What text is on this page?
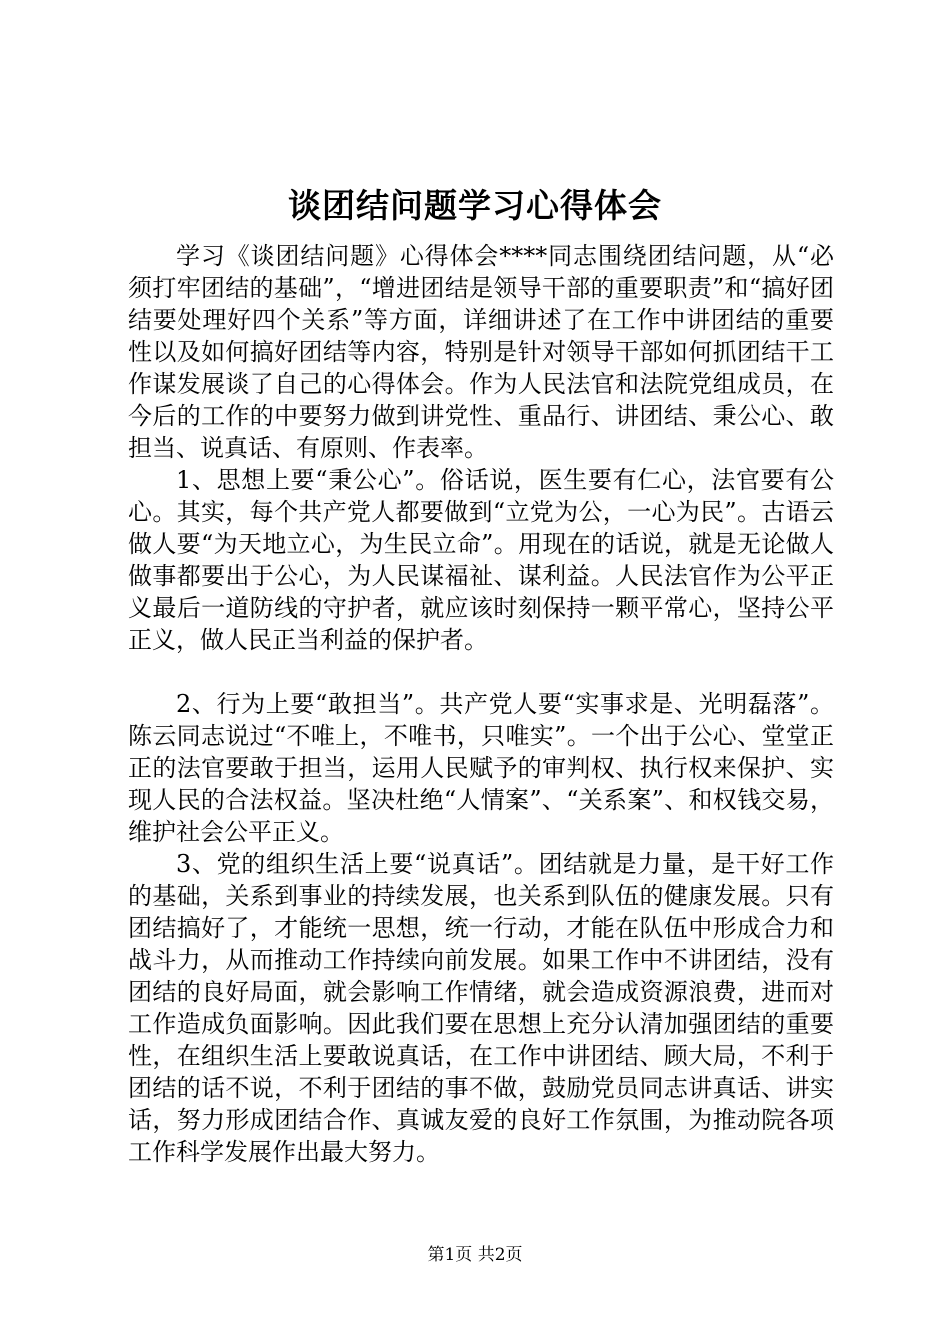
谈团结问题学习心得体会

学习《谈团结问题》心得体会****同志围绕团结问题，从“必须打牢团结的基础”，“增进团结是领导干部的重要职责”和“搞好团结要处理好四个关系”等方面，详细讲述了在工作中讲团结的重要性以及如何搞好团结等内容，特别是针对领导干部如何抓团结干工作谋发展谈了自己的心得体会。作为人民法官和法院党组成员，在今后的工作的中要努力做到讲党性、重品行、讲团结、秉公心、敢担当、说真话、有原则、作表率。

1、思想上要“秉公心”。俗话说，医生要有仁心，法官要有公心。其实，每个共产党人都要做到“立党为公，一心为民”。古语云做人要“为天地立心，为生民立命”。用现在的话说，就是无论做人做事都要出于公心，为人民谋福祉、谋利益。人民法官作为公平正义最后一道防线的守护者，就应该时刻保持一颗平常心，坚持公平正义，做人民正当利益的保护者。

2、行为上要“敢担当”。共产党人要“实事求是、光明磊落”。陈云同志说过“不唯上，不唯书，只唯实”。一个出于公心、堂堂正正的法官要敢于担当，运用人民赋予的审判权、执行权来保护、实现人民的合法权益。坚决杜绝“人情案”、“关系案”、和权钱交易，维护社会公平正义。

3、党的组织生活上要“说真话”。团结就是力量，是干好工作的基础，关系到事业的持续发展，也关系到队伍的健康发展。只有团结搞好了，才能统一思想，统一行动，才能在队伍中形成合力和战斗力，从而推动工作持续向前发展。如果工作中不讲团结，没有团结的良好局面，就会影响工作情绪，就会造成资源浪费，进而对工作造成负面影响。因此我们要在思想上充分认清加强团结的重要性，在组织生活上要敢说真话，在工作中讲团结、顾大局，不利于团结的话不说，不利于团结的事不做，鼓励党员同志讲真话、讲实话，努力形成团结合作、真诚友爱的良好工作氛围，为推动院各项工作科学发展作出最大努力。

第1页 共2页
